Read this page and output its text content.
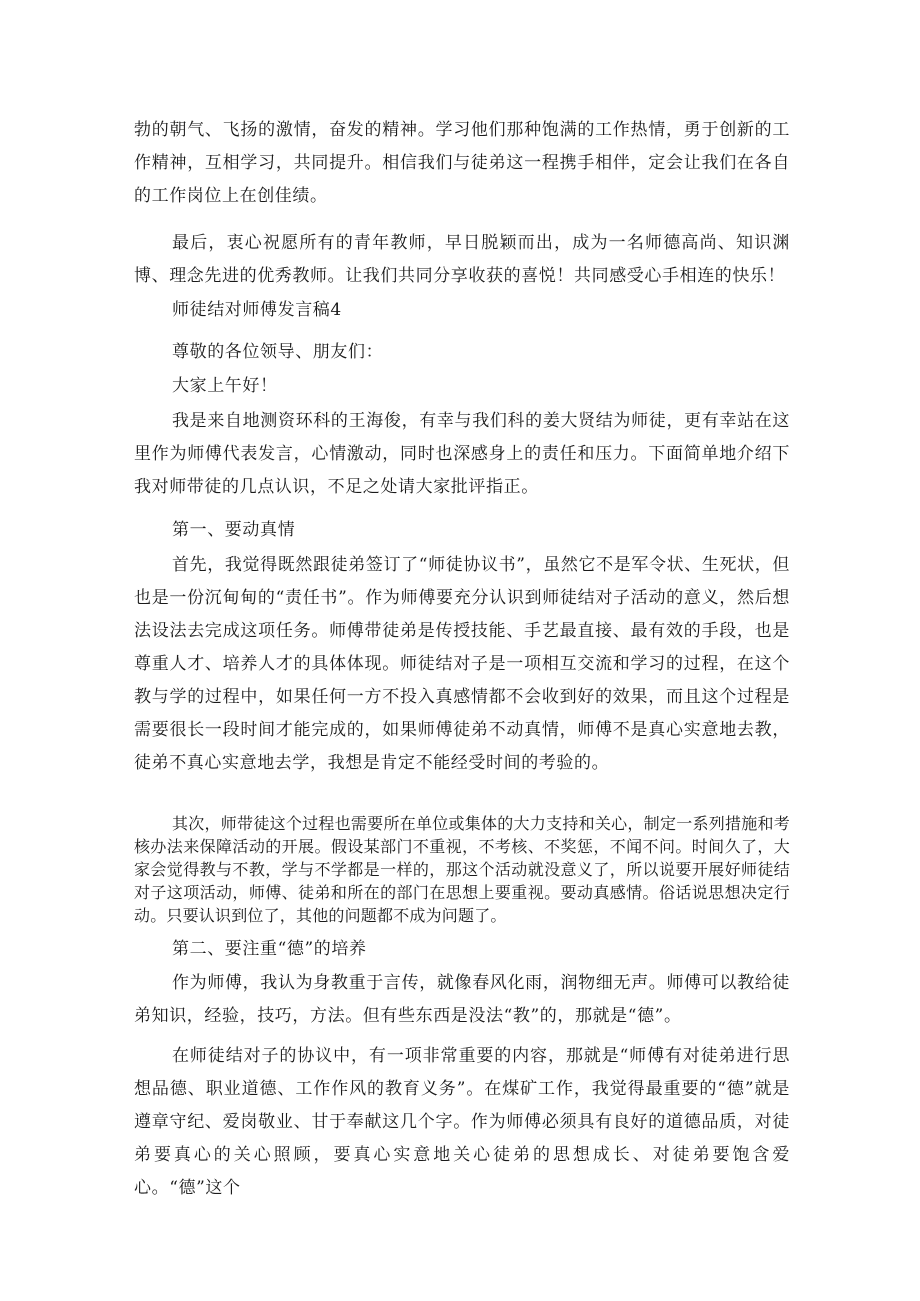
勃的朝气、飞扬的激情，奋发的精神。学习他们那种饱满的工作热情，勇于创新的工作精神，互相学习，共同提升。相信我们与徒弟这一程携手相伴，定会让我们在各自的工作岗位上在创佳绩。

最后，衷心祝愿所有的青年教师，早日脱颖而出，成为一名师德高尚、知识渊博、理念先进的优秀教师。让我们共同分享收获的喜悦！共同感受心手相连的快乐！

师徒结对师傅发言稿4

尊敬的各位领导、朋友们：

大家上午好！

我是来自地测资环科的王海俊，有幸与我们科的姜大贤结为师徒，更有幸站在这里作为师傅代表发言，心情激动，同时也深感身上的责任和压力。下面简单地介绍下我对师带徒的几点认识，不足之处请大家批评指正。

第一、要动真情

首先，我觉得既然跟徒弟签订了“师徒协议书”，虽然它不是军令状、生死状，但也是一份沉甸甸的“责任书”。作为师傅要充分认识到师徒结对子活动的意义，然后想法设法去完成这项任务。师傅带徒弟是传授技能、手艺最直接、最有效的手段，也是尊重人才、培养人才的具体体现。师徒结对子是一项相互交流和学习的过程，在这个教与学的过程中，如果任何一方不投入真感情都不会收到好的效果，而且这个过程是需要很长一段时间才能完成的，如果师傅徒弟不动真情，师傅不是真心实意地去教，徒弟不真心实意地去学，我想是肯定不能经受时间的考验的。

其次，师带徒这个过程也需要所在单位或集体的大力支持和关心，制定一系列措施和考核办法来保障活动的开展。假设某部门不重视，不考核、不奖惩，不闻不问。时间久了，大家会觉得教与不教，学与不学都是一样的，那这个活动就没意义了，所以说要开展好师徒结对子这项活动，师傅、徒弟和所在的部门在思想上要重视。要动真感情。俗话说思想决定行动。只要认识到位了，其他的问题都不成为问题了。

第二、要注重“德”的培养

作为师傅，我认为身教重于言传，就像春风化雨，润物细无声。师傅可以教给徒弟知识，经验，技巧，方法。但有些东西是没法“教”的，那就是“德”。

在师徒结对子的协议中，有一项非常重要的内容，那就是“师傅有对徒弟进行思想品德、职业道德、工作作风的教育义务”。在煤矿工作，我觉得最重要的“德”就是遵章守纪、爱岗敬业、甘于奉献这几个字。作为师傅必须具有良好的道德品质，对徒弟要真心的关心照顾，要真心实意地关心徒弟的思想成长、对徒弟要饱含爱心。“德”这个
